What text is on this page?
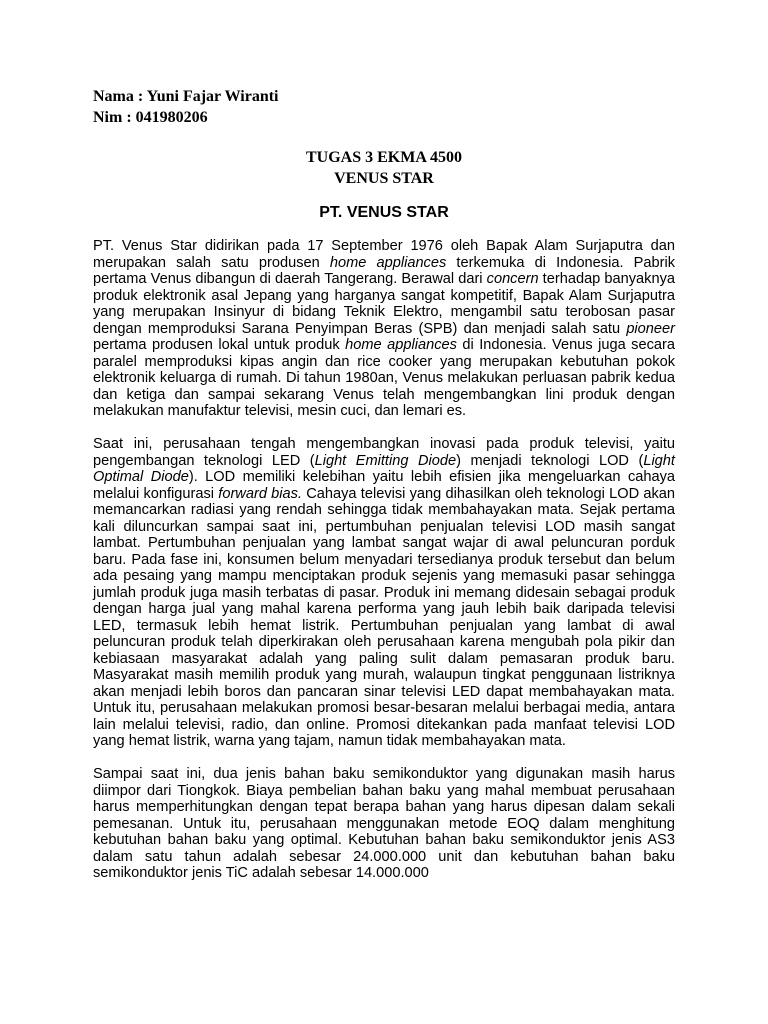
Nama : Yuni Fajar Wiranti
Nim : 041980206
TUGAS 3 EKMA 4500
VENUS STAR
PT. VENUS STAR

PT. Venus Star didirikan pada 17 September 1976 oleh Bapak Alam Surjaputra dan merupakan salah satu produsen home appliances terkemuka di Indonesia. Pabrik pertama Venus dibangun di daerah Tangerang. Berawal dari concern terhadap banyaknya produk elektronik asal Jepang yang harganya sangat kompetitif, Bapak Alam Surjaputra yang merupakan Insinyur di bidang Teknik Elektro, mengambil satu terobosan pasar dengan memproduksi Sarana Penyimpan Beras (SPB) dan menjadi salah satu pioneer pertama produsen lokal untuk produk home appliances di Indonesia. Venus juga secara paralel memproduksi kipas angin dan rice cooker yang merupakan kebutuhan pokok elektronik keluarga di rumah. Di tahun 1980an, Venus melakukan perluasan pabrik kedua dan ketiga dan sampai sekarang Venus telah mengembangkan lini produk dengan melakukan manufaktur televisi, mesin cuci, dan lemari es.

Saat ini, perusahaan tengah mengembangkan inovasi pada produk televisi, yaitu pengembangan teknologi LED (Light Emitting Diode) menjadi teknologi LOD (Light Optimal Diode). LOD memiliki kelebihan yaitu lebih efisien jika mengeluarkan cahaya melalui konfigurasi forward bias. Cahaya televisi yang dihasilkan oleh teknologi LOD akan memancarkan radiasi yang rendah sehingga tidak membahayakan mata. Sejak pertama kali diluncurkan sampai saat ini, pertumbuhan penjualan televisi LOD masih sangat lambat. Pertumbuhan penjualan yang lambat sangat wajar di awal peluncuran porduk baru. Pada fase ini, konsumen belum menyadari tersedianya produk tersebut dan belum ada pesaing yang mampu menciptakan produk sejenis yang memasuki pasar sehingga jumlah produk juga masih terbatas di pasar. Produk ini memang didesain sebagai produk dengan harga jual yang mahal karena performa yang jauh lebih baik daripada televisi LED, termasuk lebih hemat listrik. Pertumbuhan penjualan yang lambat di awal peluncuran produk telah diperkirakan oleh perusahaan karena mengubah pola pikir dan kebiasaan masyarakat adalah yang paling sulit dalam pemasaran produk baru. Masyarakat masih memilih produk yang murah, walaupun tingkat penggunaan listriknya akan menjadi lebih boros dan pancaran sinar televisi LED dapat membahayakan mata. Untuk itu, perusahaan melakukan promosi besar-besaran melalui berbagai media, antara lain melalui televisi, radio, dan online. Promosi ditekankan pada manfaat televisi LOD yang hemat listrik, warna yang tajam, namun tidak membahayakan mata.

Sampai saat ini, dua jenis bahan baku semikonduktor yang digunakan masih harus diimpor dari Tiongkok. Biaya pembelian bahan baku yang mahal membuat perusahaan harus memperhitungkan dengan tepat berapa bahan yang harus dipesan dalam sekali pemesanan. Untuk itu, perusahaan menggunakan metode EOQ dalam menghitung kebutuhan bahan baku yang optimal. Kebutuhan bahan baku semikonduktor jenis AS3 dalam satu tahun adalah sebesar 24.000.000 unit dan kebutuhan bahan baku semikonduktor jenis TiC adalah sebesar 14.000.000
